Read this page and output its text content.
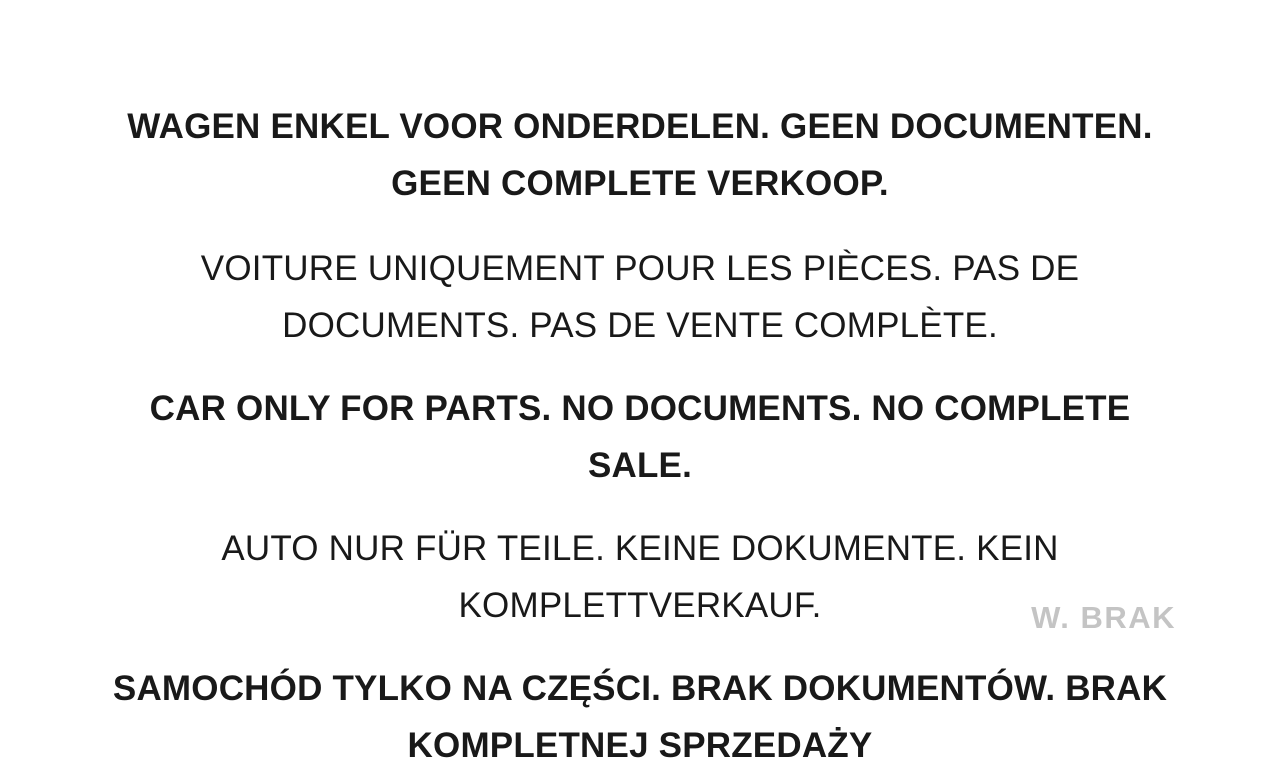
WAGEN ENKEL VOOR ONDERDELEN. GEEN DOCUMENTEN. GEEN COMPLETE VERKOOP.
VOITURE UNIQUEMENT POUR LES PIÈCES. PAS DE DOCUMENTS. PAS DE VENTE COMPLÈTE.
CAR ONLY FOR PARTS. NO DOCUMENTS. NO COMPLETE SALE.
AUTO NUR FÜR TEILE. KEINE DOKUMENTE. KEIN KOMPLETTVERKAUF.
SAMOCHÓD TYLKO NA CZĘŚCI. BRAK DOKUMENTÓW. BRAK KOMPLETNEJ SPRZEDAŻY
W. BRAK
